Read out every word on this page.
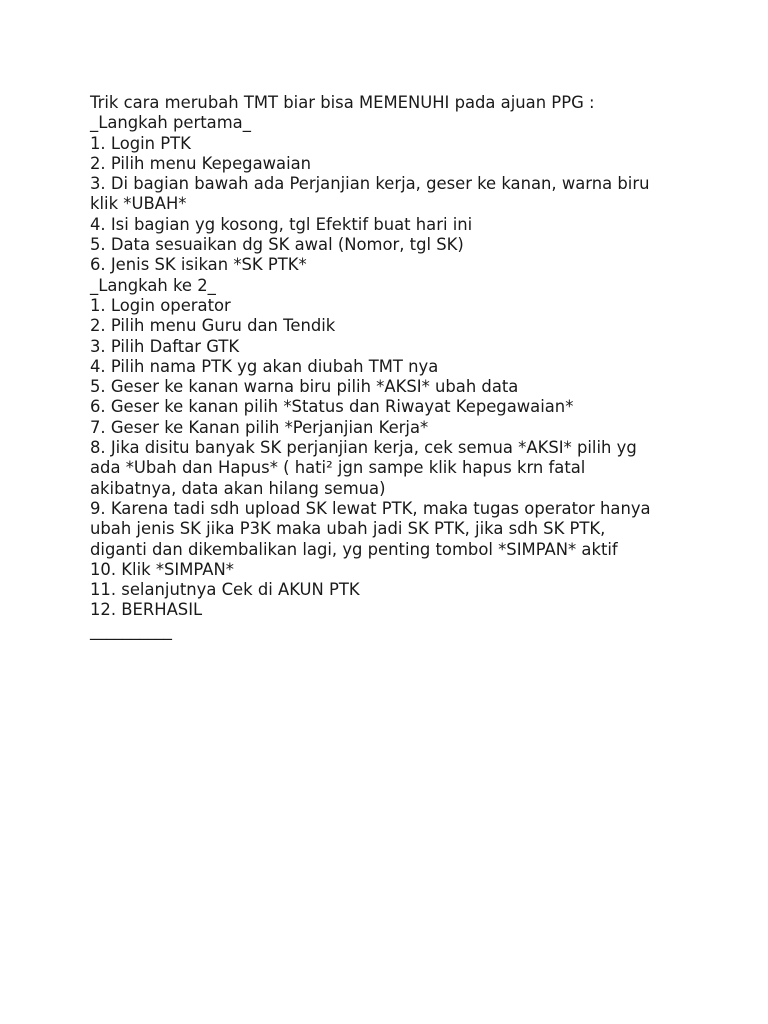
Trik cara merubah TMT biar bisa MEMENUHI pada ajuan PPG :
_Langkah pertama_
1. Login PTK
2. Pilih menu Kepegawaian
3. Di bagian bawah ada Perjanjian kerja, geser ke kanan, warna biru
klik *UBAH*
4. Isi bagian yg kosong, tgl Efektif buat hari ini
5. Data sesuaikan dg SK awal (Nomor, tgl SK)
6. Jenis SK isikan *SK PTK*
_Langkah ke 2_
1. Login operator
2. Pilih menu Guru dan Tendik
3. Pilih Daftar GTK
4. Pilih nama PTK yg akan diubah TMT nya
5. Geser ke kanan warna biru pilih *AKSI* ubah data
6. Geser ke kanan pilih *Status dan Riwayat Kepegawaian*
7. Geser ke Kanan pilih *Perjanjian Kerja*
8. Jika disitu banyak SK perjanjian kerja, cek semua *AKSI* pilih yg
ada *Ubah dan Hapus* ( hati² jgn sampe klik hapus krn fatal
akibatnya, data akan hilang semua)
9. Karena tadi sdh upload SK lewat PTK, maka tugas operator hanya
ubah jenis SK jika P3K maka ubah jadi SK PTK, jika sdh SK PTK,
diganti dan dikembalikan lagi, yg penting tombol *SIMPAN* aktif
10. Klik *SIMPAN*
11. selanjutnya Cek di AKUN PTK
12. BERHASIL
__________
